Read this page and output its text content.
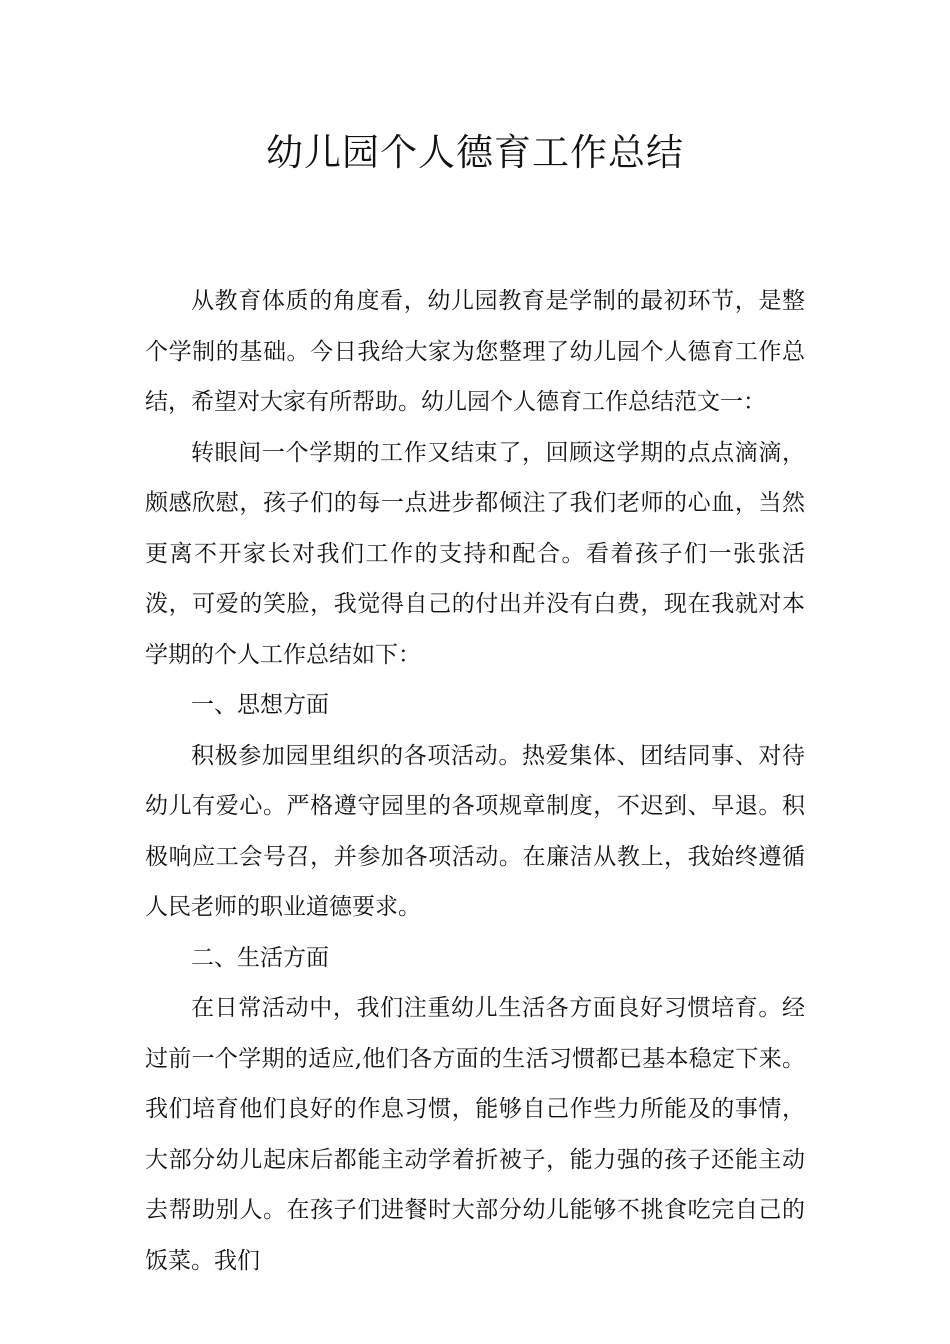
幼儿园个人德育工作总结

从教育体质的角度看，幼儿园教育是学制的最初环节，是整个学制的基础。今日我给大家为您整理了幼儿园个人德育工作总结，希望对大家有所帮助。幼儿园个人德育工作总结范文一：

转眼间一个学期的工作又结束了，回顾这学期的点点滴滴，颇感欣慰，孩子们的每一点进步都倾注了我们老师的心血，当然更离不开家长对我们工作的支持和配合。看着孩子们一张张活泼，可爱的笑脸，我觉得自己的付出并没有白费，现在我就对本学期的个人工作总结如下：

一、思想方面

积极参加园里组织的各项活动。热爱集体、团结同事、对待幼儿有爱心。严格遵守园里的各项规章制度，不迟到、早退。积极响应工会号召，并参加各项活动。在廉洁从教上，我始终遵循人民老师的职业道德要求。

二、生活方面

在日常活动中，我们注重幼儿生活各方面良好习惯培育。经过前一个学期的适应,他们各方面的生活习惯都已基本稳定下来。我们培育他们良好的作息习惯，能够自己作些力所能及的事情，大部分幼儿起床后都能主动学着折被子，能力强的孩子还能主动去帮助别人。在孩子们进餐时大部分幼儿能够不挑食吃完自己的饭菜。我们
